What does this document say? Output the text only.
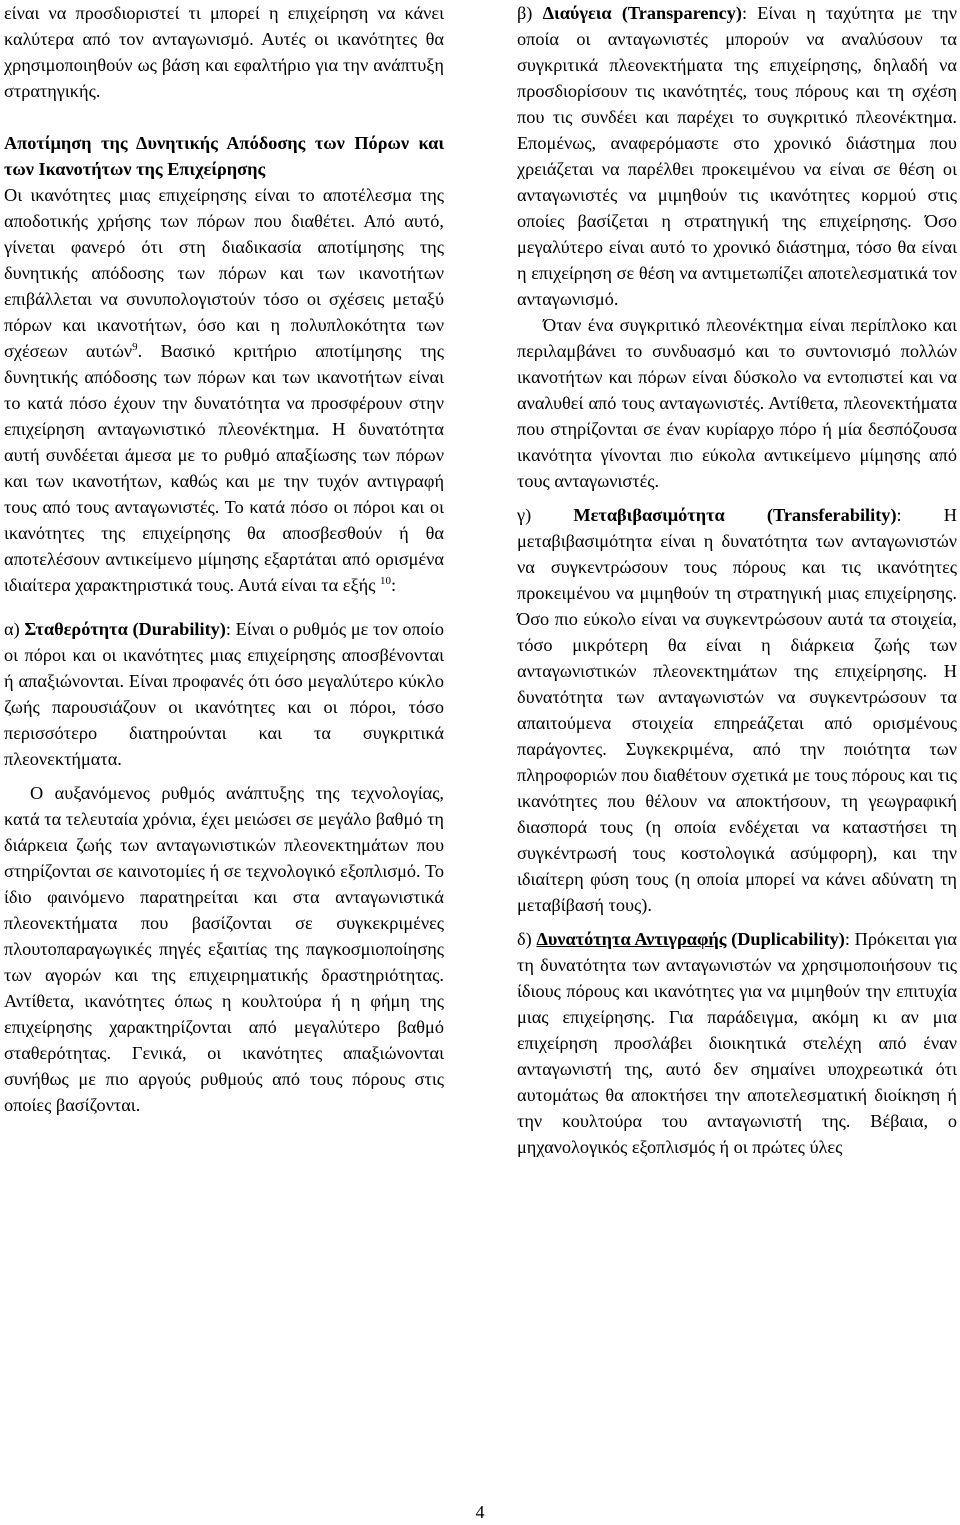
είναι να προσδιοριστεί τι μπορεί η επιχείρηση να κάνει καλύτερα από τον ανταγωνισμό. Αυτές οι ικανότητες θα χρησιμοποιηθούν ως βάση και εφαλτήριο για την ανάπτυξη στρατηγικής.

Αποτίμηση της Δυνητικής Απόδοσης των Πόρων και των Ικανοτήτων της Επιχείρησης

Οι ικανότητες μιας επιχείρησης είναι το αποτέλεσμα της αποδοτικής χρήσης των πόρων που διαθέτει. Από αυτό, γίνεται φανερό ότι στη διαδικασία αποτίμησης της δυνητικής απόδοσης των πόρων και των ικανοτήτων επιβάλλεται να συνυπολογιστούν τόσο οι σχέσεις μεταξύ πόρων και ικανοτήτων, όσο και η πολυπλοκότητα των σχέσεων αυτών$^9$. Βασικό κριτήριο αποτίμησης της δυνητικής απόδοσης των πόρων και των ικανοτήτων είναι το κατά πόσο έχουν την δυνατότητα να προσφέρουν στην επιχείρηση ανταγωνιστικό πλεονέκτημα. Η δυνατότητα αυτή συνδέεται άμεσα με το ρυθμό απαξίωσης των πόρων και των ικανοτήτων, καθώς και με την τυχόν αντιγραφή τους από τους ανταγωνιστές. Το κατά πόσο οι πόροι και οι ικανότητες της επιχείρησης θα αποσβεσθούν ή θα αποτελέσουν αντικείμενο μίμησης εξαρτάται από ορισμένα ιδιαίτερα χαρακτηριστικά τους. Αυτά είναι τα εξής $^{10}$:

α) Σταθερότητα (Durability): Είναι ο ρυθμός με τον οποίο οι πόροι και οι ικανότητες μιας επιχείρησης αποσβένονται ή απαξιώνονται. Είναι προφανές ότι όσο μεγαλύτερο κύκλο ζωής παρουσιάζουν οι ικανότητες και οι πόροι, τόσο περισσότερο διατηρούνται και τα συγκριτικά πλεονεκτήματα.

Ο αυξανόμενος ρυθμός ανάπτυξης της τεχνολογίας, κατά τα τελευταία χρόνια, έχει μειώσει σε μεγάλο βαθμό τη διάρκεια ζωής των ανταγωνιστικών πλεονεκτημάτων που στηρίζονται σε καινοτομίες ή σε τεχνολογικό εξοπλισμό. Το ίδιο φαινόμενο παρατηρείται και στα ανταγωνιστικά πλεονεκτήματα που βασίζονται σε συγκεκριμένες πλουτοπαραγωγικές πηγές εξαιτίας της παγκοσμιοποίησης των αγορών και της επιχειρηματικής δραστηριότητας. Αντίθετα, ικανότητες όπως η κουλτούρα ή η φήμη της επιχείρησης χαρακτηρίζονται από μεγαλύτερο βαθμό σταθερότητας. Γενικά, οι ικανότητες απαξιώνονται συνήθως με πιο αργούς ρυθμούς από τους πόρους στις οποίες βασίζονται.

β) Διαύγεια (Transparency): Είναι η ταχύτητα με την οποία οι ανταγωνιστές μπορούν να αναλύσουν τα συγκριτικά πλεονεκτήματα της επιχείρησης, δηλαδή να προσδιορίσουν τις ικανότητές, τους πόρους και τη σχέση που τις συνδέει και παρέχει το συγκριτικό πλεονέκτημα. Επομένως, αναφερόμαστε στο χρονικό διάστημα που χρειάζεται να παρέλθει προκειμένου να είναι σε θέση οι ανταγωνιστές να μιμηθούν τις ικανότητες κορμού στις οποίες βασίζεται η στρατηγική της επιχείρησης. Όσο μεγαλύτερο είναι αυτό το χρονικό διάστημα, τόσο θα είναι η επιχείρηση σε θέση να αντιμετωπίζει αποτελεσματικά τον ανταγωνισμό.

Όταν ένα συγκριτικό πλεονέκτημα είναι περίπλοκο και περιλαμβάνει το συνδυασμό και το συντονισμό πολλών ικανοτήτων και πόρων είναι δύσκολο να εντοπιστεί και να αναλυθεί από τους ανταγωνιστές. Αντίθετα, πλεονεκτήματα που στηρίζονται σε έναν κυρίαρχο πόρο ή μία δεσπόζουσα ικανότητα γίνονται πιο εύκολα αντικείμενο μίμησης από τους ανταγωνιστές.

γ) Μεταβιβασιμότητα (Transferability): Η μεταβιβασιμότητα είναι η δυνατότητα των ανταγωνιστών να συγκεντρώσουν τους πόρους και τις ικανότητες προκειμένου να μιμηθούν τη στρατηγική μιας επιχείρησης. Όσο πιο εύκολο είναι να συγκεντρώσουν αυτά τα στοιχεία, τόσο μικρότερη θα είναι η διάρκεια ζωής των ανταγωνιστικών πλεονεκτημάτων της επιχείρησης. Η δυνατότητα των ανταγωνιστών να συγκεντρώσουν τα απαιτούμενα στοιχεία επηρεάζεται από ορισμένους παράγοντες. Συγκεκριμένα, από την ποιότητα των πληροφοριών που διαθέτουν σχετικά με τους πόρους και τις ικανότητες που θέλουν να αποκτήσουν, τη γεωγραφική διασπορά τους (η οποία ενδέχεται να καταστήσει τη συγκέντρωσή τους κοστολογικά ασύμφορη), και την ιδιαίτερη φύση τους (η οποία μπορεί να κάνει αδύνατη τη μεταβίβασή τους).

δ) Δυνατότητα Αντιγραφής (Duplicability): Πρόκειται για τη δυνατότητα των ανταγωνιστών να χρησιμοποιήσουν τις ίδιους πόρους και ικανότητες για να μιμηθούν την επιτυχία μιας επιχείρησης. Για παράδειγμα, ακόμη κι αν μια επιχείρηση προσλάβει διοικητικά στελέχη από έναν ανταγωνιστή της, αυτό δεν σημαίνει υποχρεωτικά ότι αυτομάτως θα αποκτήσει την αποτελεσματική διοίκηση ή την κουλτούρα του ανταγωνιστή της. Βέβαια, ο μηχανολογικός εξοπλισμός ή οι πρώτες ύλες

4
